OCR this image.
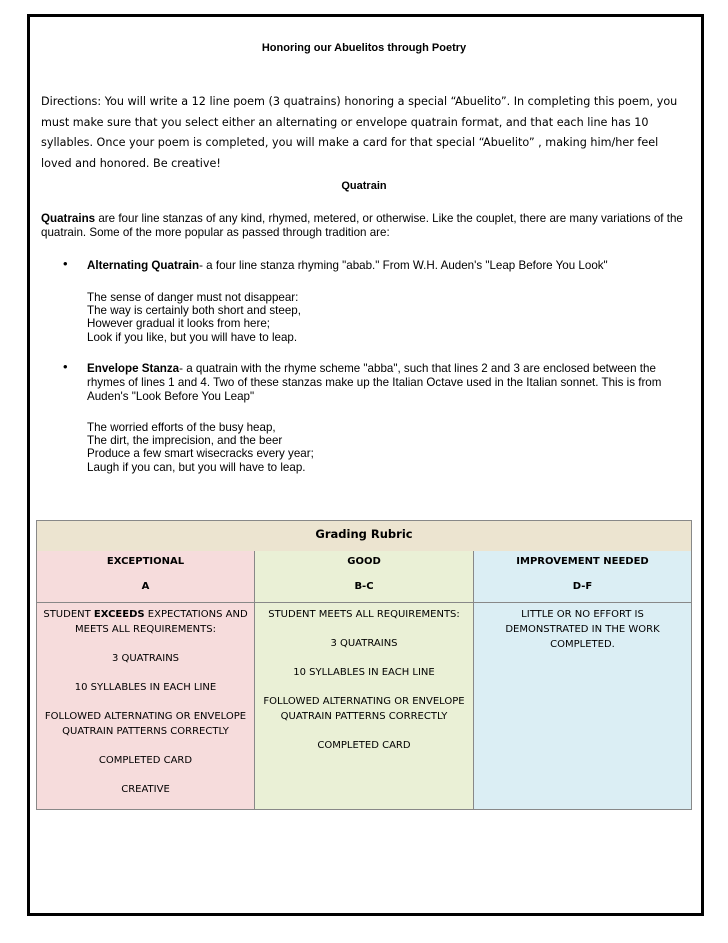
Honoring our Abuelitos through Poetry
Directions: You will write a 12 line poem (3 quatrains) honoring a special “Abuelito”. In completing this poem, you must make sure that you select either an alternating or envelope quatrain format, and that each line has 10 syllables. Once your poem is completed, you will make a card for that special “Abuelito” , making him/her feel loved and honored. Be creative!
Quatrain
Quatrains are four line stanzas of any kind, rhymed, metered, or otherwise. Like the couplet, there are many variations of the quatrain. Some of the more popular as passed through tradition are:
• Alternating Quatrain- a four line stanza rhyming "abab." From W.H. Auden's "Leap Before You Look"
The sense of danger must not disappear:
The way is certainly both short and steep,
However gradual it looks from here;
Look if you like, but you will have to leap.
• Envelope Stanza- a quatrain with the rhyme scheme "abba", such that lines 2 and 3 are enclosed between the rhymes of lines 1 and 4. Two of these stanzas make up the Italian Octave used in the Italian sonnet. This is from Auden's "Look Before You Leap"
The worried efforts of the busy heap,
The dirt, the imprecision, and the beer
Produce a few smart wisecracks every year;
Laugh if you can, but you will have to leap.
Grading Rubric
EXCEPTIONAL
A
STUDENT EXCEEDS EXPECTATIONS AND MEETS ALL REQUIREMENTS:
3 QUATRAINS
10 SYLLABLES IN EACH LINE
FOLLOWED ALTERNATING OR ENVELOPE QUATRAIN PATTERNS CORRECTLY
COMPLETED CARD
CREATIVE
GOOD
B-C
STUDENT MEETS ALL REQUIREMENTS:
3 QUATRAINS
10 SYLLABLES IN EACH LINE
FOLLOWED ALTERNATING OR ENVELOPE QUATRAIN PATTERNS CORRECTLY
COMPLETED CARD
IMPROVEMENT NEEDED
D-F
LITTLE OR NO EFFORT IS DEMONSTRATED IN THE WORK COMPLETED.
